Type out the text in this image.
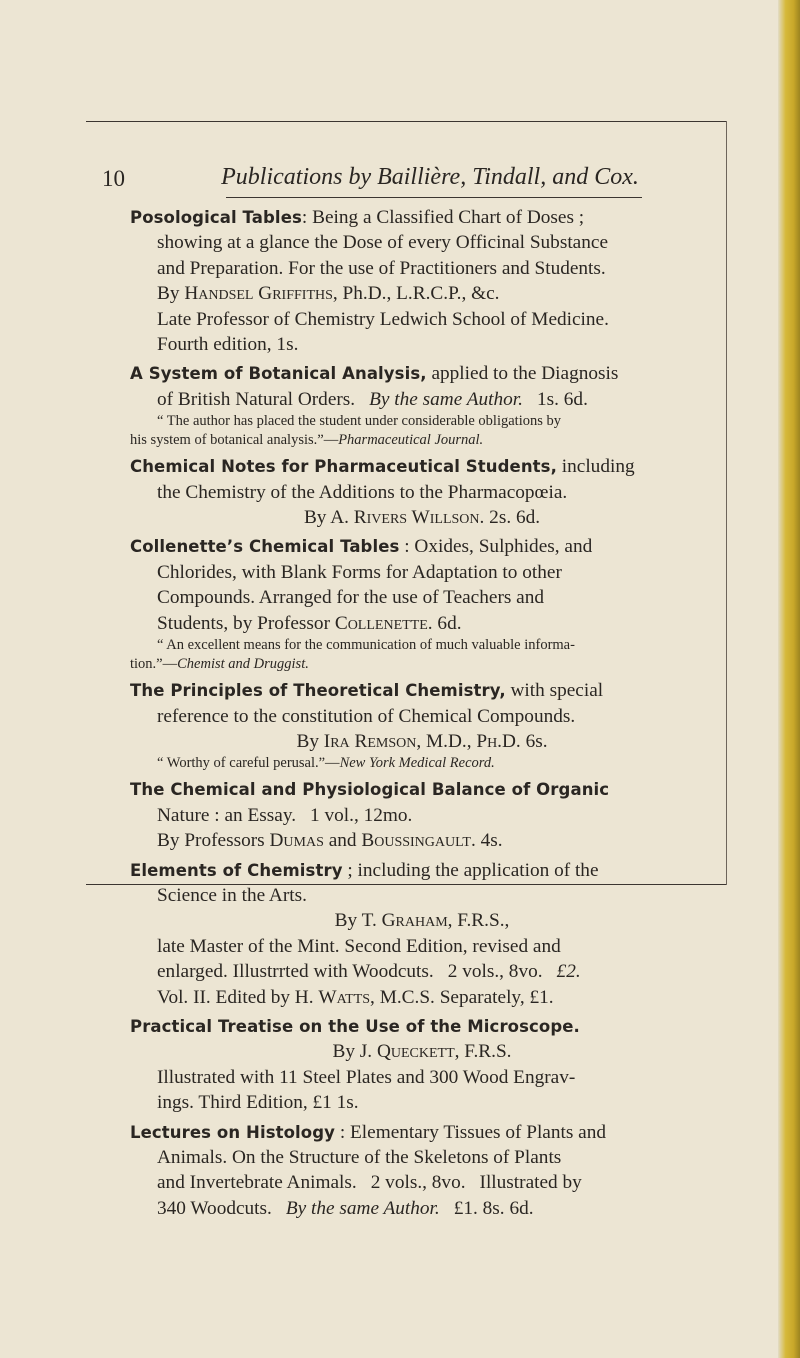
10	Publications by Baillière, Tindall, and Cox.
Posological Tables: Being a Classified Chart of Doses ;
showing at a glance the Dose of every Officinal Substance
and Preparation. For the use of Practitioners and Students.
By Handsel Griffiths, Ph.D., L.R.C.P., &c.
Late Professor of Chemistry Ledwich School of Medicine.
Fourth edition, 1s.
A System of Botanical Analysis, applied to the Diagnosis
of British Natural Orders. By the same Author. 1s. 6d.
“ The author has placed the student under considerable obligations by
his system of botanical analysis.”—Pharmaceutical Journal.
Chemical Notes for Pharmaceutical Students, including
the Chemistry of the Additions to the Pharmacopœia.
By A. Rivers Willson. 2s. 6d.
Collenette’s Chemical Tables : Oxides, Sulphides, and
Chlorides, with Blank Forms for Adaptation to other
Compounds. Arranged for the use of Teachers and
Students, by Professor Collenette. 6d.
“ An excellent means for the communication of much valuable informa-
tion.”—Chemist and Druggist.
The Principles of Theoretical Chemistry, with special
reference to the constitution of Chemical Compounds.
By Ira Remson, M.D., Ph.D. 6s.
“ Worthy of careful perusal.”—New York Medical Record.
The Chemical and Physiological Balance of Organic
Nature : an Essay. 1 vol., 12mo.
By Professors Dumas and Boussingault. 4s.
Elements of Chemistry ; including the application of the
Science in the Arts.
By T. Graham, F.R.S.,
late Master of the Mint. Second Edition, revised and
enlarged. Illustrrted with Woodcuts. 2 vols., 8vo. £2.
Vol. II. Edited by H. Watts, M.C.S. Separately, £1.
Practical Treatise on the Use of the Microscope.
By J. Queckett, F.R.S.
Illustrated with 11 Steel Plates and 300 Wood Engrav-
ings. Third Edition, £1 1s.
Lectures on Histology : Elementary Tissues of Plants and
Animals. On the Structure of the Skeletons of Plants
and Invertebrate Animals. 2 vols., 8vo. Illustrated by
340 Woodcuts. By the same Author. £1. 8s. 6d.
